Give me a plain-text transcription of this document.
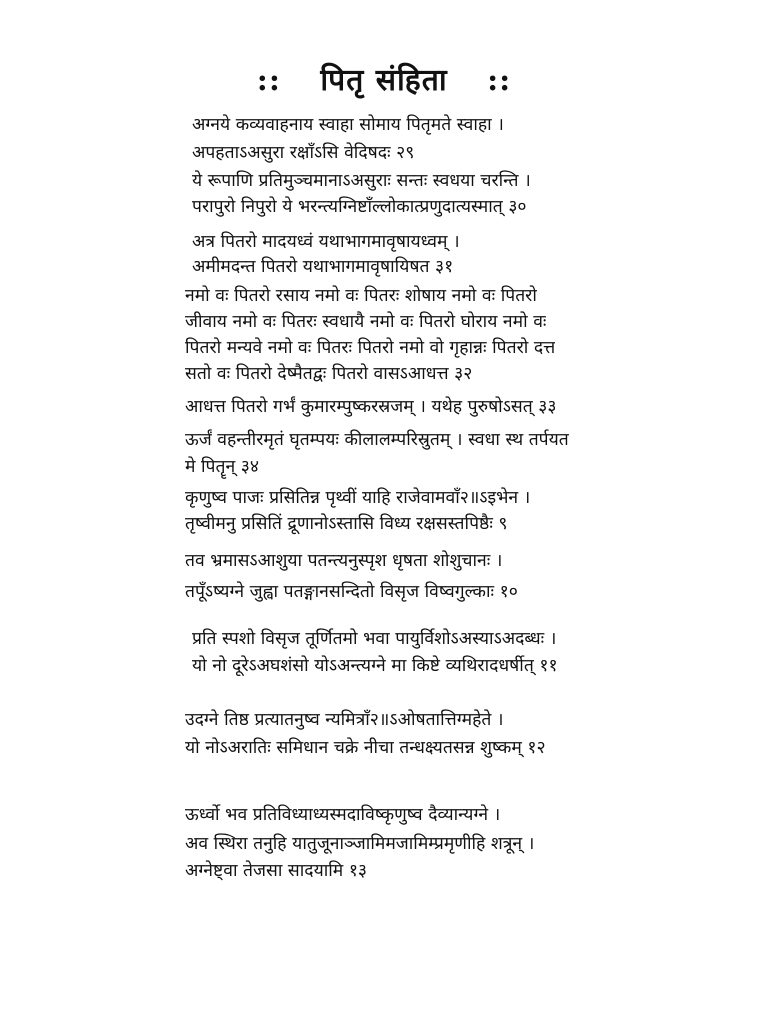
:: पितृ संहिता ::
अग्नये कव्यवाहनाय स्वाहा सोमाय पितृमते स्वाहा ।
अपहताऽअसुरा रक्षाँऽसि वेदिषदः २९
ये रूपाणि प्रतिमुञ्चमानाऽअसुराः सन्तः स्वधया चरन्ति ।
परापुरो निपुरो ये भरन्त्यग्निष्टाँल्लोकात्प्रणुदात्यस्मात् ३०
अत्र पितरो मादयध्वं यथाभागमावृषायध्वम् ।
अमीमदन्त पितरो यथाभागमावृषायिषत ३१
नमो वः पितरो रसाय नमो वः पितरः शोषाय नमो वः पितरो
जीवाय नमो वः पितरः स्वधायै नमो वः पितरो घोराय नमो वः
पितरो मन्यवे नमो वः पितरः पितरो नमो वो गृहान्नः पितरो दत्त
सतो वः पितरो देष्मैतद्वः पितरो वासऽआधत्त ३२
आधत्त पितरो गर्भं कुमारम्पुष्करस्रजम् । यथेह पुरुषोऽसत् ३३
ऊर्जं वहन्तीरमृतं घृतम्पयः कीलालम्परिस्रुतम् । स्वधा स्थ तर्पयत
मे पितॄन् ३४
कृणुष्व पाजः प्रसितिन्न पृथ्वीं याहि राजेवामवाँ२॥ऽइभेन ।
तृष्वीमनु प्रसितिं द्रूणानोऽस्तासि विध्य रक्षसस्तपिष्ठैः ९
तव भ्रमासऽआशुया पतन्त्यनुस्पृश धृषता शोशुचानः ।
तपूँऽष्यग्ने जुह्वा पतङ्गानसन्दितो विसृज विष्वगुल्काः १०
प्रति स्पशो विसृज तूर्णितमो भवा पायुर्विशोऽअस्याऽअदब्धः ।
यो नो दूरेऽअघशंसो योऽअन्त्यग्ने मा किष्टे व्यथिरादधर्षीत् ११
उदग्ने तिष्ठ प्रत्यातनुष्व न्यमित्राँ२॥ऽओषतात्तिग्महेते ।
यो नोऽअरातिः समिधान चक्रे नीचा तन्धक्ष्यतसन्न शुष्कम् १२
ऊर्ध्वो भव प्रतिविध्याध्यस्मदाविष्कृणुष्व दैव्यान्यग्ने ।
अव स्थिरा तनुहि यातुजूनाञ्जामिमजामिम्प्रमृणीहि शत्रून् ।
अग्नेष्ट्वा तेजसा सादयामि १३
